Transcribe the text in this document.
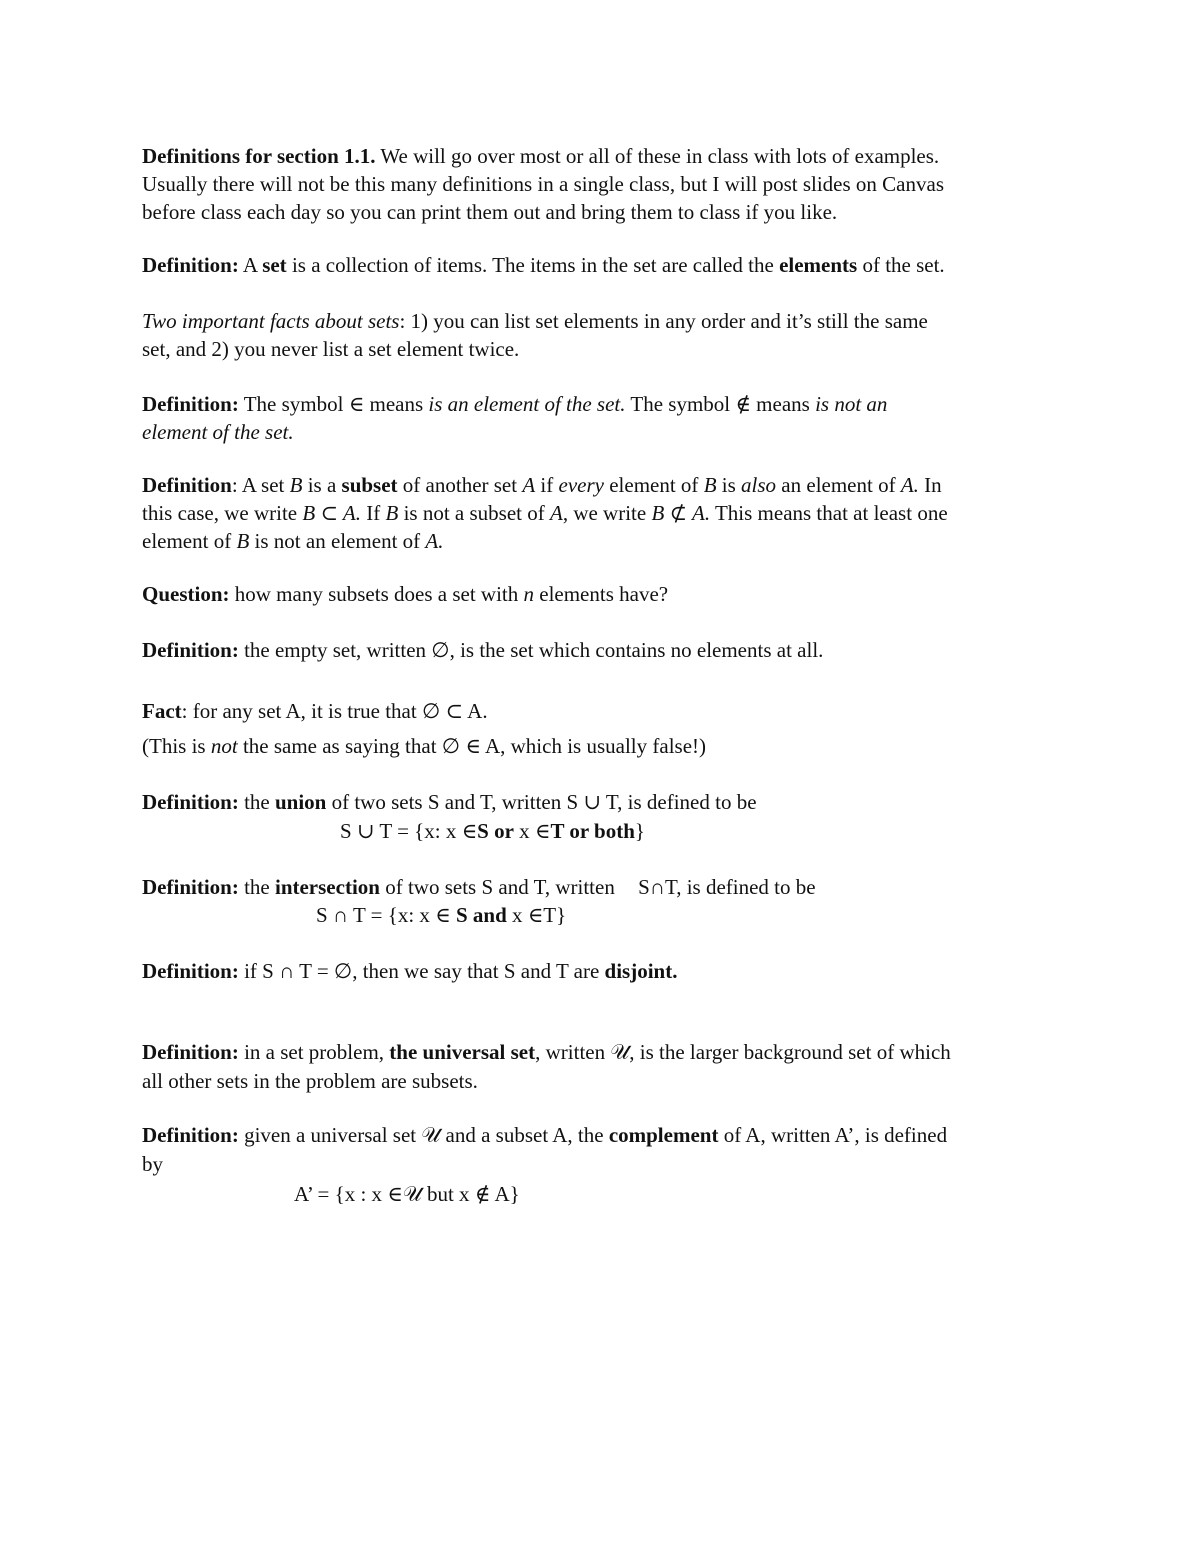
Definitions for section 1.1. We will go over most or all of these in class with lots of examples.
Usually there will not be this many definitions in a single class, but I will post slides on Canvas
before class each day so you can print them out and bring them to class if you like.
Definition: A set is a collection of items. The items in the set are called the elements of the set.
Two important facts about sets: 1) you can list set elements in any order and it’s still the same
set, and 2) you never list a set element twice.
Definition: The symbol ∈ means is an element of the set. The symbol ∉ means is not an
element of the set.
Definition: A set B is a subset of another set A if every element of B is also an element of A. In
this case, we write B ⊂ A. If B is not a subset of A, we write B ⊄ A. This means that at least one
element of B is not an element of A.
Question: how many subsets does a set with n elements have?
Definition: the empty set, written ∅, is the set which contains no elements at all.
Fact: for any set A, it is true that ∅ ⊂ A.
(This is not the same as saying that ∅ ∈ A, which is usually false!)
Definition: the union of two sets S and T, written S ∪ T, is defined to be
S ∪ T = {x: x ∈S or x ∈T or both}
Definition: the intersection of two sets S and T, written S∩T, is defined to be
S ∩ T = {x: x ∈ S and x ∈T}
Definition: if S ∩ T = ∅, then we say that S and T are disjoint.
Definition: in a set problem, the universal set, written 𝒰, is the larger background set of which
all other sets in the problem are subsets.
Definition: given a universal set 𝒰 and a subset A, the complement of A, written A’, is defined
by
A’ = {x : x ∈𝒰 but x ∉ A}
